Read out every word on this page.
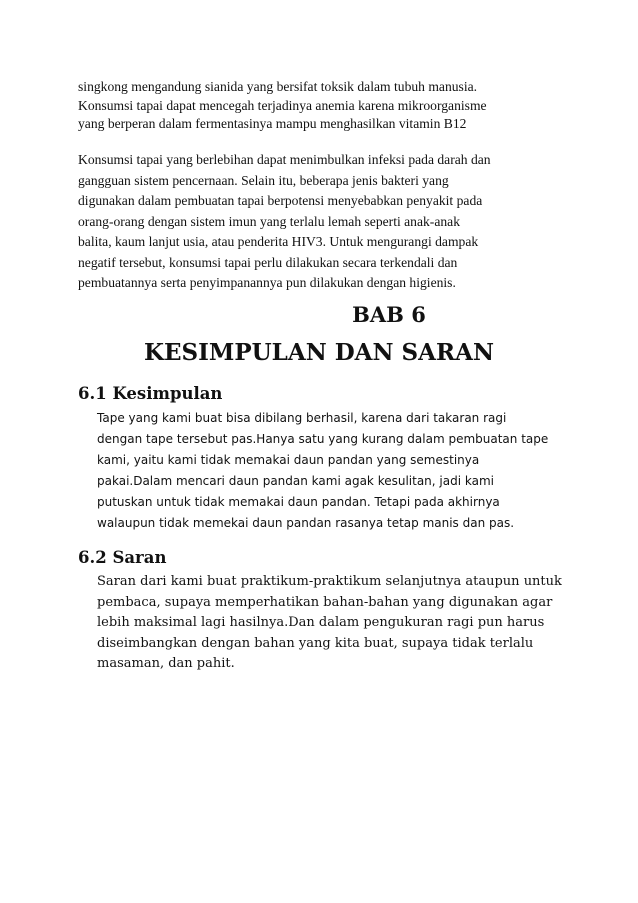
singkong mengandung sianida yang bersifat toksik dalam tubuh manusia.
Konsumsi tapai dapat mencegah terjadinya anemia karena mikroorganisme
yang berperan dalam fermentasinya mampu menghasilkan vitamin B12

Konsumsi tapai yang berlebihan dapat menimbulkan infeksi pada darah dan
gangguan sistem pencernaan. Selain itu, beberapa jenis bakteri yang
digunakan dalam pembuatan tapai berpotensi menyebabkan penyakit pada
orang-orang dengan sistem imun yang terlalu lemah seperti anak-anak
balita, kaum lanjut usia, atau penderita HIV3. Untuk mengurangi dampak
negatif tersebut, konsumsi tapai perlu dilakukan secara terkendali dan
pembuatannya serta penyimpanannya pun dilakukan dengan higienis.

BAB 6
KESIMPULAN DAN SARAN
6.1 Kesimpulan

Tape yang kami buat bisa dibilang berhasil, karena dari takaran ragi
dengan tape tersebut pas.Hanya satu yang kurang dalam pembuatan tape
kami, yaitu kami tidak memakai daun pandan yang semestinya
pakai.Dalam mencari daun pandan kami agak kesulitan, jadi kami
putuskan untuk tidak memakai daun pandan. Tetapi pada akhirnya
walaupun tidak memekai daun pandan rasanya tetap manis dan pas.

6.2 Saran

Saran dari kami buat praktikum-praktikum selanjutnya ataupun untuk
pembaca, supaya memperhatikan bahan-bahan yang digunakan agar
lebih maksimal lagi hasilnya.Dan dalam pengukuran ragi pun harus
diseimbangkan dengan bahan yang kita buat, supaya tidak terlalu
masaman, dan pahit.
